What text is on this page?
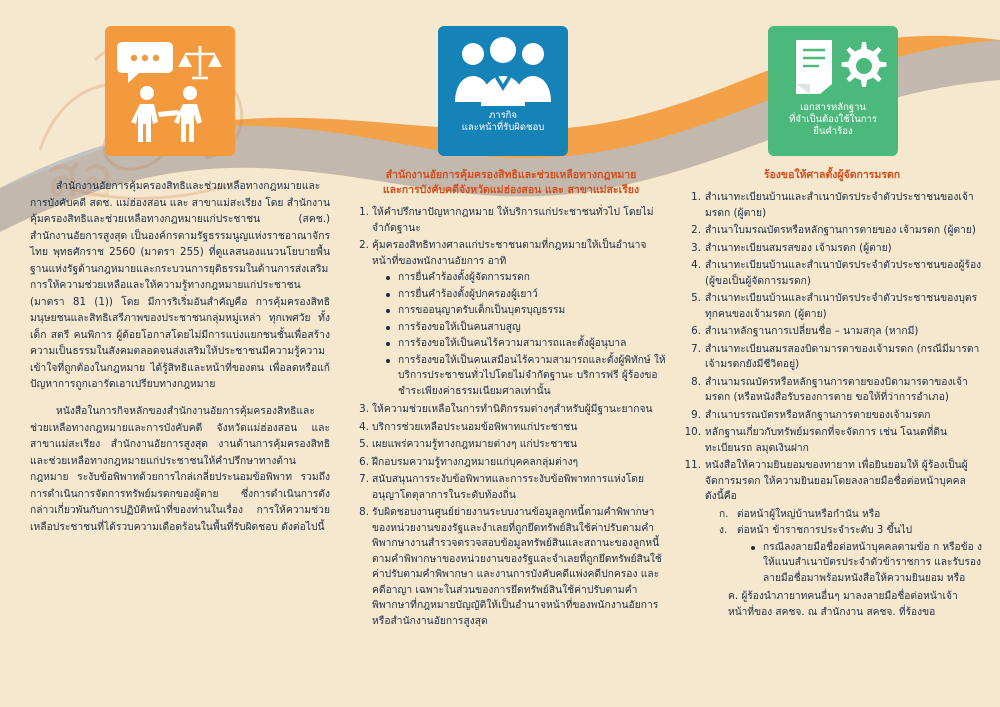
ภารกิจ
และหน้าที่รับผิดชอบ
เอกสารหลักฐาน
ที่จำเป็นต้องใช้ในการ
ยื่นคำร้อง

สำนักงานอัยการคุ้มครองสิทธิและช่วยเหลือทางกฎหมายและการบังคับคดี สตช. แม่ฮ่องสอน และ สาขาแม่สะเรียง โดย สำนักงานคุ้มครองสิทธิและช่วยเหลือทางกฎหมายแก่ประชาชน (สคช.) สำนักงานอัยการสูงสุด เป็นองค์กรตามรัฐธรรมนูญแห่งราชอาณาจักรไทย พุทธศักราช 2560 (มาตรา 255) ที่ดูแลสนองแนวนโยบายพื้นฐานแห่งรัฐด้านกฎหมายและกระบวนการยุติธรรมในด้านการส่งเสริมการให้ความช่วยเหลือและให้ความรู้ทางกฎหมายแก่ประชาชน (มาตรา 81 (1)) โดย มีการริเริ่มอันสำคัญคือ การคุ้มครองสิทธิมนุษยชนและสิทธิเสรีภาพของประชาชนกลุ่มหมู่เหล่า ทุกเพศวัย ทั้งเด็ก สตรี คนพิการ ผู้ด้อยโอกาสโดยไม่มีการแบ่งแยกชนชั้นเพื่อสร้างความเป็นธรรมในสังคมตลอดจนส่งเสริมให้ประชาชนมีความรู้ความเข้าใจที่ถูกต้องในกฎหมาย ได้รู้สิทธิและหน้าที่ของตน เพื่อลดหรือแก้ปัญหาการถูกเอารัดเอาเปรียบทางกฎหมาย

หนังสือในการกิจหลักของสำนักงานอัยการคุ้มครองสิทธิและช่วยเหลือทางกฎหมายและการบังคับคดี จังหวัดแม่ฮ่องสอน และ สาขาแม่สะเรียง สำนักงานอัยการสูงสุด งานด้านการคุ้มครองสิทธิและช่วยเหลือทางกฎหมายแก่ประชาชนให้คำปรึกษาทางด้านกฎหมาย ระงับข้อพิพาทด้วยการไกล่เกลี่ยประนอมข้อพิพาท รวมถึงการดำเนินการจัดการทรัพย์มรดกของผู้ตาย ซึ่งการดำเนินการดังกล่าวเกี่ยวพันกับการปฏิบัติหน้าที่ของท่านในเรื่อง การให้ความช่วยเหลือประชาชนที่ได้รวบความเดือดร้อนในพื้นที่รับผิดชอบ ดังต่อไปนี้

สำนักงานอัยการคุ้มครองสิทธิและช่วยเหลือทางกฎหมาย
และการบังคับคดีจังหวัดแม่ฮ่องสอน และ สาขาแม่สะเรียง
ให้คำปรึกษาปัญหากฎหมาย ให้บริการแก่ประชาชนทั่วไป โดยไม่จำกัดฐานะ
คุ้มครองสิทธิทางศาลแก่ประชาชนตามที่กฎหมายให้เป็นอำนาจหน้าที่ของพนักงานอัยการ อาทิ
การยื่นคำร้องตั้งผู้จัดการมรดก
การยื่นคำร้องตั้งผู้ปกครองผู้เยาว์
การขออนุญาตรับเด็กเป็นบุตรบุญธรรม
การร้องขอให้เป็นคนสาบสูญ
การร้องขอให้เป็นคนไร้ความสามารถและตั้งผู้อนุบาล
การร้องขอให้เป็นคนเสมือนไร้ความสามารถและตั้งผู้พิทักษ์ ให้บริการประชาชนทั่วไปโดยไม่จำกัดฐานะ บริการฟรี ผู้ร้องขอชำระเพียงค่าธรรมเนียมศาลเท่านั้น
ให้ความช่วยเหลือในการทำนิติกรรมต่างๆสำหรับผู้มีฐานะยากจน
บริการช่วยเหลือประนอมข้อพิพาทแก่ประชาชน
เผยแพร่ความรู้ทางกฎหมายต่างๆ แก่ประชาชน
ฝึกอบรมความรู้ทางกฎหมายแก่บุคคลกลุ่มต่างๆ
สนับสนุนการระงับข้อพิพาทและการระงับข้อพิพาทการแห่งโดยอนุญาโตตุลาการในระดับท้องถิ่น
รับผิดชอบงานศูนย์ย่ายงานระบบงานข้อมูลลูกหนี้ตามคำพิพากษาของหน่วยงานของรัฐและงำเลยที่ถูกยึดทรัพย์สินใช้ค่าปรับตามคำพิพากษางานสำรวจตรวจสอบข้อมูลทรัพย์สินและสถานะของลูกหนี้ตามคำพิพากษาของหน่วยงานของรัฐและจำเลยที่ถูกยึดทรัพย์สินใช้ค่าปรับตามคำพิพากษา และงานการบังคับคดีแพ่งคดีปกครอง และคดีอาญา เฉพาะในส่วนของการยึดทรัพย์สินใช้ค่าปรับตามคำพิพากษาที่กฎหมายบัญญัติให้เป็นอำนาจหน้าที่ของพนักงานอัยการหรือสำนักงานอัยการสูงสุด
ร้องขอให้ศาลตั้งผู้จัดการมรดก
สำเนาทะเบียนบ้านและสำเนาบัตรประจำตัวประชาชนของเจ้ามรดก (ผู้ตาย)
สำเนาใบมรณบัตรหรือหลักฐานการตายของ เจ้ามรดก (ผู้ตาย)
สำเนาทะเบียนสมรสของ เจ้ามรดก (ผู้ตาย)
สำเนาทะเบียนบ้านและสำเนาบัตรประจำตัวประชาชนของผู้ร้อง (ผู้ขอเป็นผู้จัดการมรดก)
สำเนาทะเบียนบ้านและสำเนาบัตรประจำตัวประชาชนของบุตรทุกคนของเจ้ามรดก (ผู้ตาย)
สำเนาหลักฐานการเปลี่ยนชื่อ – นามสกุล (หากมี)
สำเนาทะเบียนสมรสองบิดามารดาของเจ้ามรดก (กรณีมีมารดาเจ้ามรดกยังมีชีวิตอยู่)
สำเนามรณบัตรหรือหลักฐานการตายของบิดามารดาของเจ้ามรดก (หรือหนังสือรับรองการตาย ขอให้ที่ว่าการอำเภอ)
สำเนาบรรณบัตรหรือหลักฐานการตายของเจ้ามรดก
หลักฐานเกี่ยวกับทรัพย์มรดกที่จะจัดการ เช่น โฉนดที่ดิน ทะเบียนรถ ลมุดเงินฝาก
หนังสือให้ความยินยอมของทายาท เพื่อยินยอมให้ ผู้ร้องเป็นผู้จัดการมรดก ให้ความยินยอมโดยลงลายมือชื่อต่อหน้าบุคคลดังนี้คือ
ก. ต่อหน้าผู้ใหญ่บ้านหรือกำนัน หรือ
ง. ต่อหน้า ข้าราชการประจำระดับ 3 ขึ้นไป
กรณีลงลายมือชื่อต่อหน้าบุคคลตามข้อ ก หรือข้อ ง ให้แนบสำเนาบัตรประจำตัวข้าราชการ และรับรองลายมือชื่อมาพร้อมหนังสือให้ความยินยอม หรือ
ค. ผู้ร้องนำภายาทคนอื่นๆ มาลงลายมือชื่อต่อหน้าเจ้าหน้าที่ของ สคชจ. ณ สำนักงาน สคชจ. ที่ร้องขอ
